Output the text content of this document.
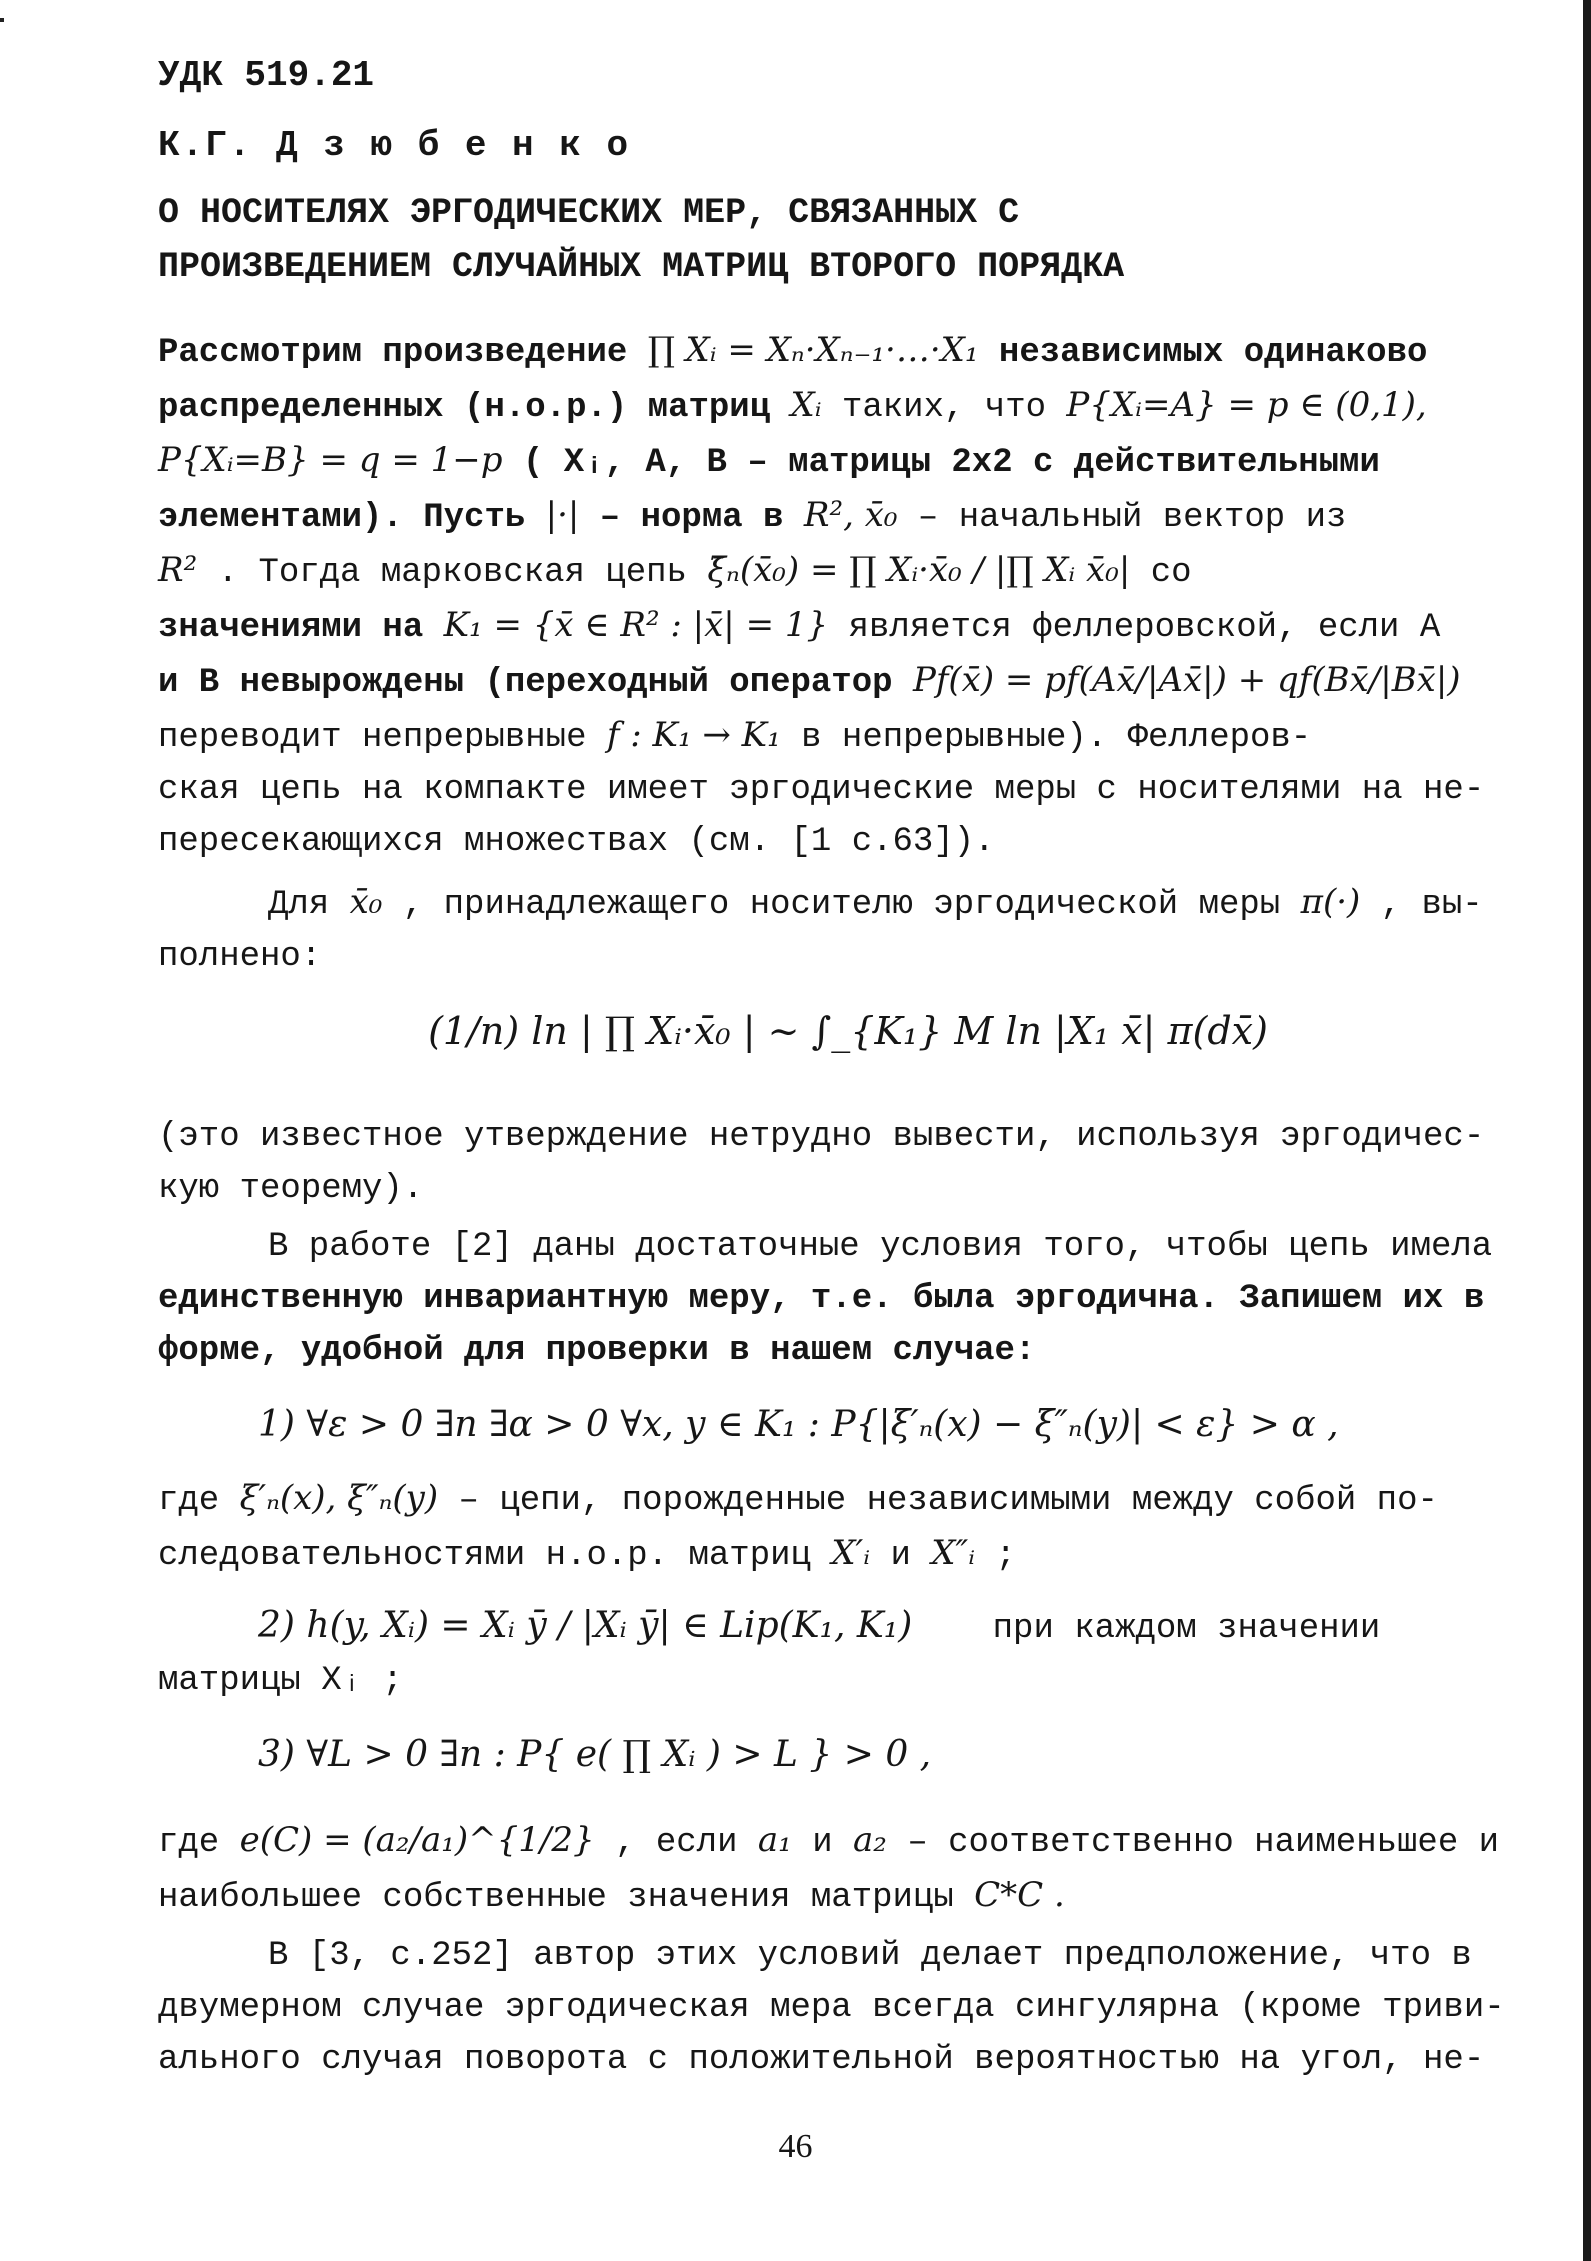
УДК 519.21
К.Г. Д з ю б е н к о
О НОСИТЕЛЯХ ЭРГОДИЧЕСКИХ МЕР, СВЯЗАННЫХ С
ПРОИЗВЕДЕНИЕМ СЛУЧАЙНЫХ МАТРИЦ ВТОРОГО ПОРЯДКА
Рассмотрим произведение ∏ Xᵢ = Xₙ·Xₙ₋₁·…·X₁ независимых одинаково
распределенных (н.о.р.) матриц Xᵢ таких, что P{Xᵢ=A} = p ∈ (0,1),
P{Xᵢ=B} = q = 1−p ( Xᵢ, A, B – матрицы 2x2 с действительными
элементами). Пусть |·| – норма в R², x̄₀ – начальный вектор из
R² . Тогда марковская цепь ξ̄ₙ(x̄₀) = ∏ Xᵢ·x̄₀ / |∏ Xᵢ x̄₀| со
значениями на K₁ = {x̄ ∈ R² : |x̄| = 1} является феллеровской, если A
и B невырождены (переходный оператор Pf(x̄) = pf(Ax̄/|Ax̄|) + qf(Bx̄/|Bx̄|)
переводит непрерывные f : K₁ → K₁ в непрерывные). Феллеров-
ская цепь на компакте имеет эргодические меры с носителями на не-
пересекающихся множествах (см. [1 с.63]).
Для x̄₀ , принадлежащего носителю эргодической меры π(·) , вы-
полнено:
(1/n) ln | ∏ Xᵢ·x̄₀ | ~ ∫_{K₁} M ln |X₁ x̄| π(dx̄)
(это известное утверждение нетрудно вывести, используя эргодичес-
кую теорему).
В работе [2] даны достаточные условия того, чтобы цепь имела
единственную инвариантную меру, т.е. была эргодична. Запишем их в
форме, удобной для проверки в нашем случае:
1) ∀ε > 0 ∃n ∃α > 0 ∀x, y ∈ K₁ : P{|ξ′ₙ(x) − ξ″ₙ(y)| < ε} > α ,
где ξ′ₙ(x), ξ″ₙ(y) – цепи, порожденные независимыми между собой по-
следовательностями н.о.р. матриц X′ᵢ и X″ᵢ ;
2) h(y, Xᵢ) = Xᵢ ȳ / |Xᵢ ȳ| ∈ Lip(K₁, K₁) при каждом значении
матрицы Xᵢ ;
3) ∀L > 0 ∃n : P{ e( ∏ Xᵢ ) > L } > 0 ,
где e(C) = (a₂/a₁)^{1/2} , если a₁ и a₂ – соответственно наименьшее и
наибольшее собственные значения матрицы C*C .
В [3, с.252] автор этих условий делает предположение, что в
двумерном случае эргодическая мера всегда сингулярна (кроме триви-
ального случая поворота с положительной вероятностью на угол, не-
46
